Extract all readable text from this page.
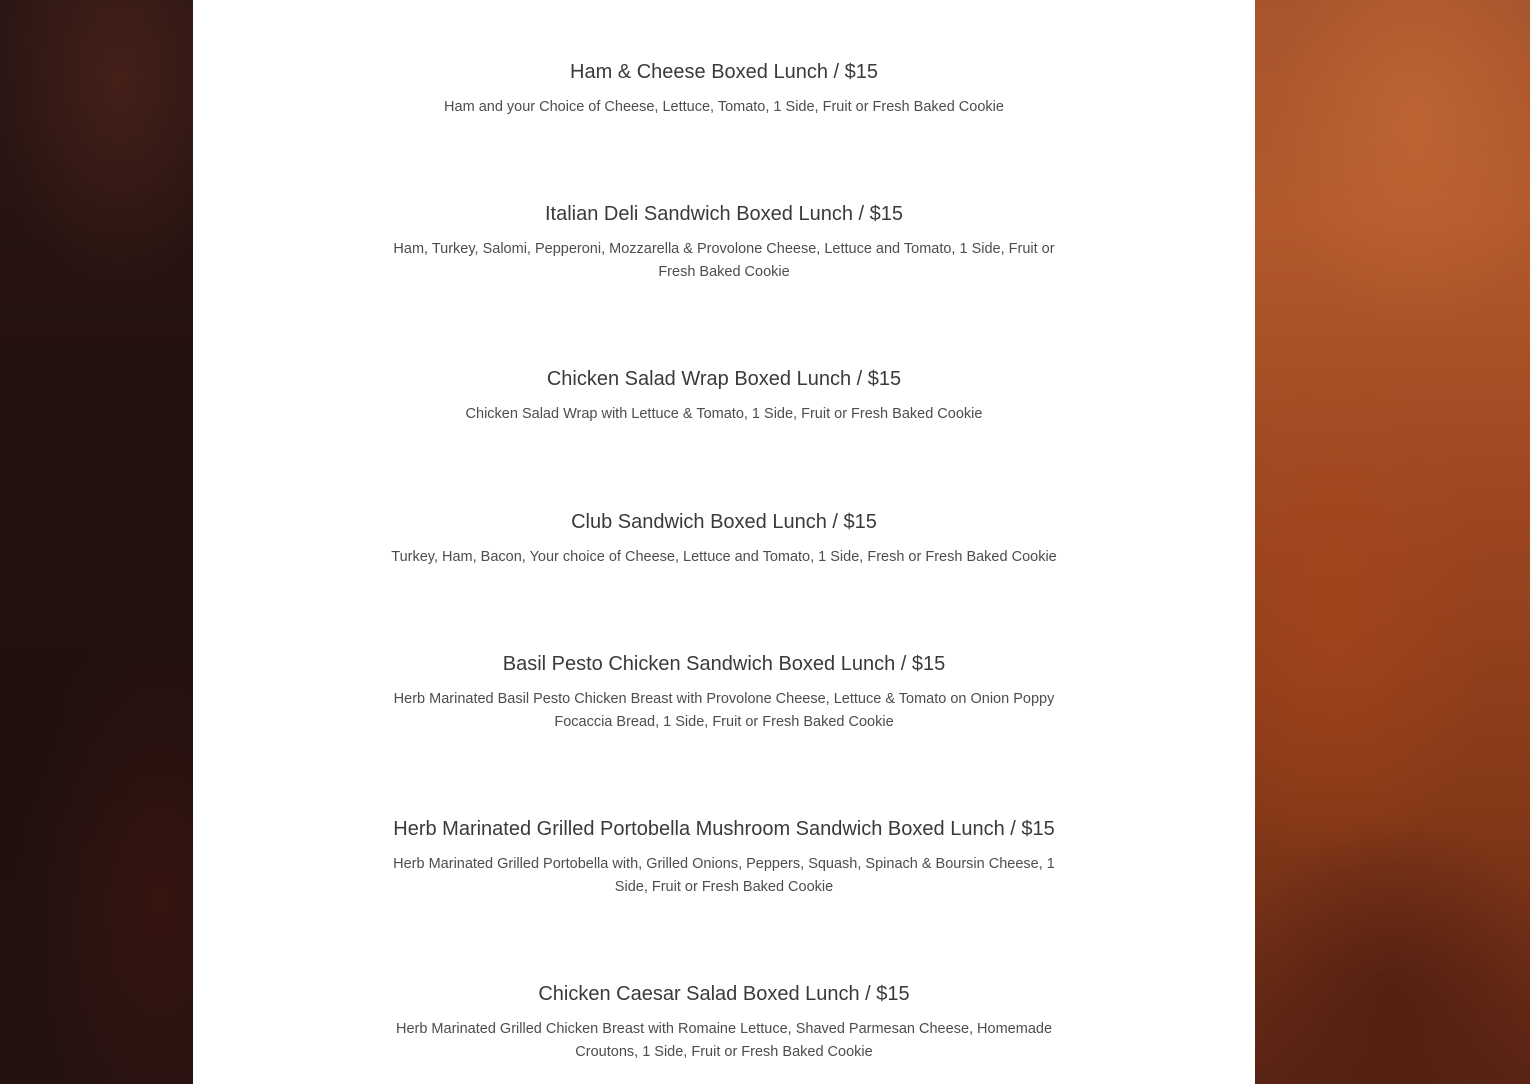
Ham & Cheese Boxed Lunch / $15
Ham and your Choice of Cheese, Lettuce, Tomato, 1 Side, Fruit or Fresh Baked Cookie
Italian Deli Sandwich Boxed Lunch / $15
Ham, Turkey, Salomi, Pepperoni, Mozzarella & Provolone Cheese, Lettuce and Tomato, 1 Side, Fruit or Fresh Baked Cookie
Chicken Salad Wrap Boxed Lunch / $15
Chicken Salad Wrap with Lettuce & Tomato, 1 Side, Fruit or Fresh Baked Cookie
Club Sandwich Boxed Lunch / $15
Turkey, Ham, Bacon, Your choice of Cheese, Lettuce and Tomato, 1 Side, Fresh or Fresh Baked Cookie
Basil Pesto Chicken Sandwich Boxed Lunch / $15
Herb Marinated Basil Pesto Chicken Breast with Provolone Cheese, Lettuce & Tomato on Onion Poppy Focaccia Bread, 1 Side, Fruit or Fresh Baked Cookie
Herb Marinated Grilled Portobella Mushroom Sandwich Boxed Lunch / $15
Herb Marinated Grilled Portobella with, Grilled Onions, Peppers, Squash, Spinach & Boursin Cheese, 1 Side, Fruit or Fresh Baked Cookie
Chicken Caesar Salad Boxed Lunch / $15
Herb Marinated Grilled Chicken Breast with Romaine Lettuce, Shaved Parmesan Cheese, Homemade Croutons, 1 Side, Fruit or Fresh Baked Cookie
